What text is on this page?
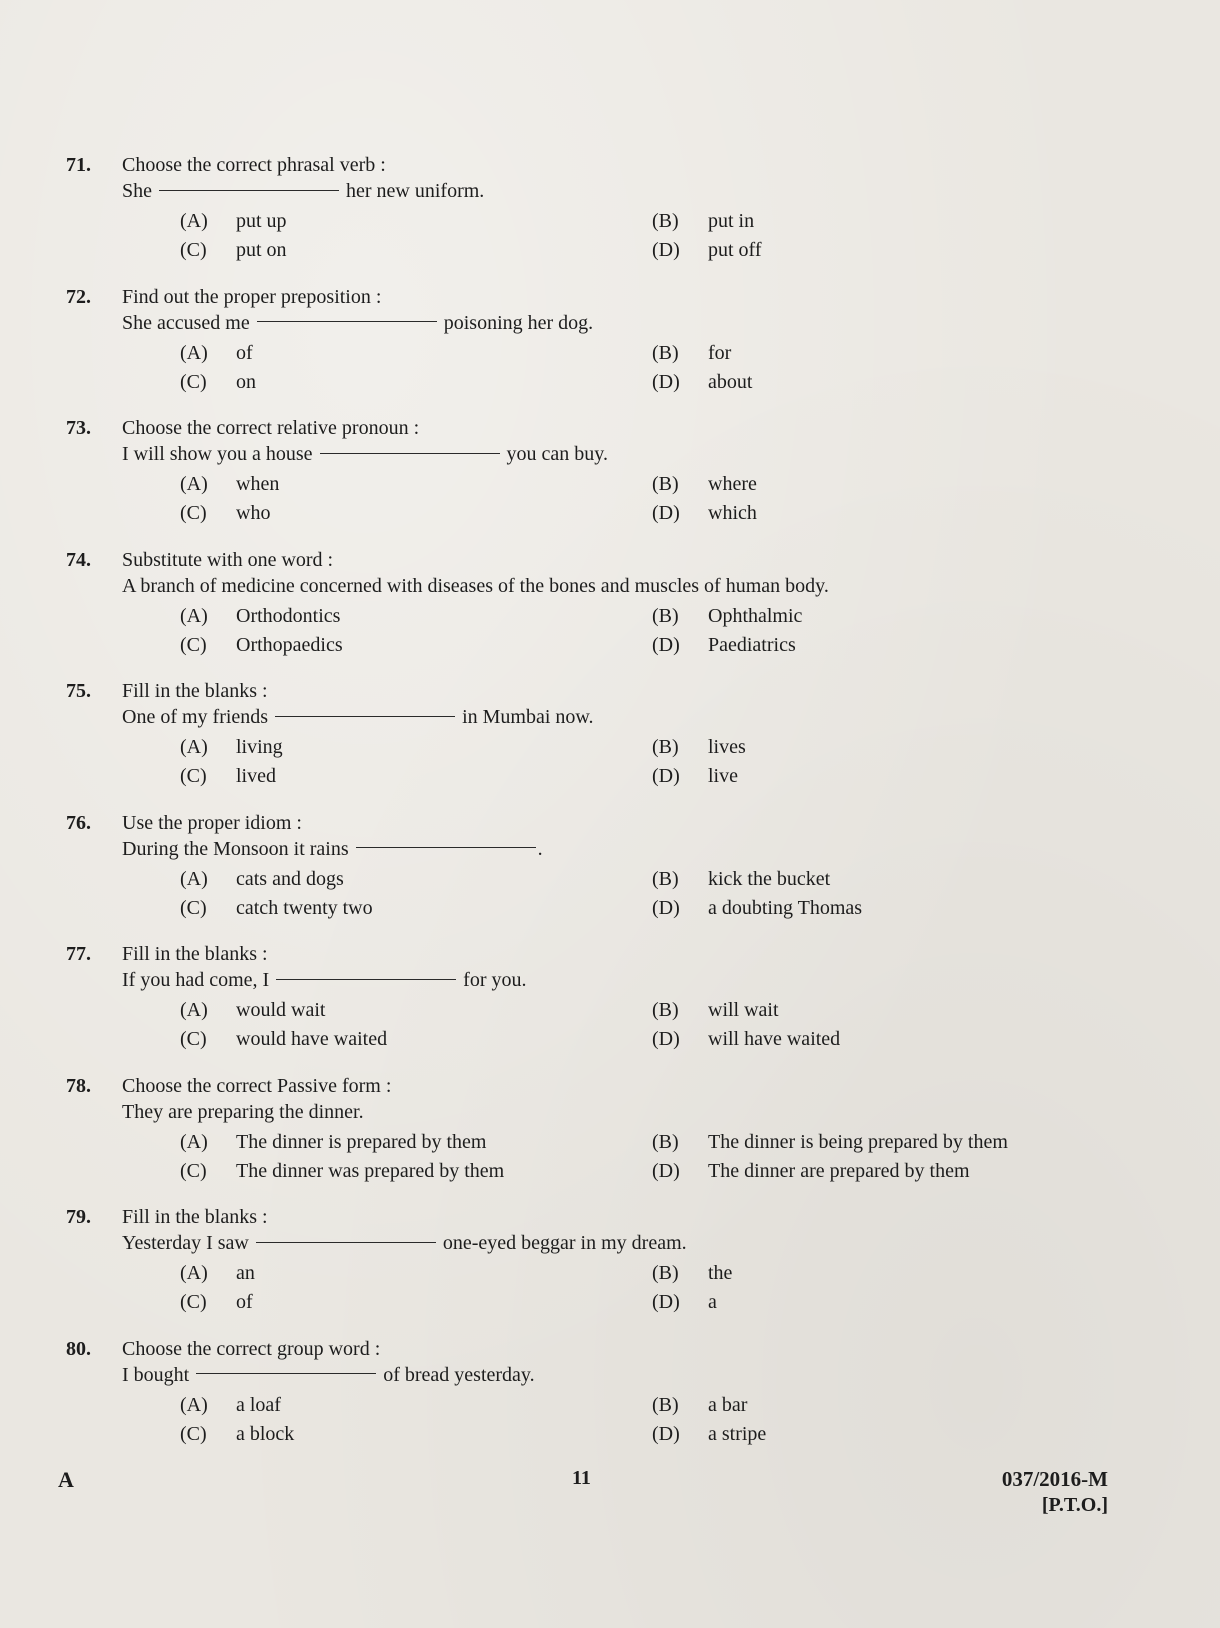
71. Choose the correct phrasal verb :
She	her new uniform.
(A) put up	(B) put in
(C) put on	(D) put off
72. Find out the proper preposition :
She accused me	poisoning her dog.
(A) of	(B) for
(C) on	(D) about
73. Choose the correct relative pronoun :
I will show you a house	you can buy.
(A) when	(B) where
(C) who	(D) which
74. Substitute with one word :
A branch of medicine concerned with diseases of the bones and muscles of human body.
(A) Orthodontics	(B) Ophthalmic
(C) Orthopaedics	(D) Paediatrics
75. Fill in the blanks :
One of my friends	in Mumbai now.
(A) living	(B) lives
(C) lived	(D) live
76. Use the proper idiom :
During the Monsoon it rains	.
(A) cats and dogs	(B) kick the bucket
(C) catch twenty two	(D) a doubting Thomas
77. Fill in the blanks :
If you had come, I	for you.
(A) would wait	(B) will wait
(C) would have waited	(D) will have waited
78. Choose the correct Passive form :
They are preparing the dinner.
(A) The dinner is prepared by them	(B) The dinner is being prepared by them
(C) The dinner was prepared by them	(D) The dinner are prepared by them
79. Fill in the blanks :
Yesterday I saw	one-eyed beggar in my dream.
(A) an	(B) the
(C) of	(D) a
80. Choose the correct group word :
I bought	of bread yesterday.
(A) a loaf	(B) a bar
(C) a block	(D) a stripe
A	11	037/2016-M
[P.T.O.]
